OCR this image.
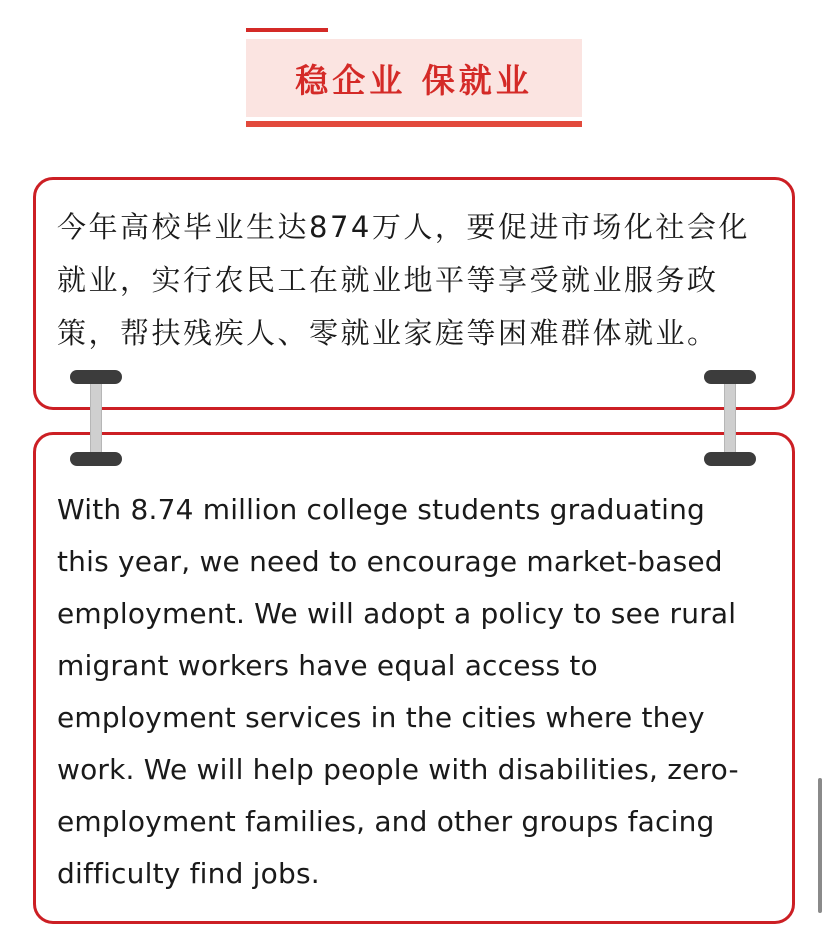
稳企业 保就业
今年高校毕业生达874万人，要促进市场化社会化
就业，实行农民工在就业地平等享受就业服务政
策，帮扶残疾人、零就业家庭等困难群体就业。
With 8.74 million college students graduating
this year, we need to encourage market-based
employment. We will adopt a policy to see rural
migrant workers have equal access to
employment services in the cities where they
work. We will help people with disabilities, zero-
employment families, and other groups facing
difficulty find jobs.
